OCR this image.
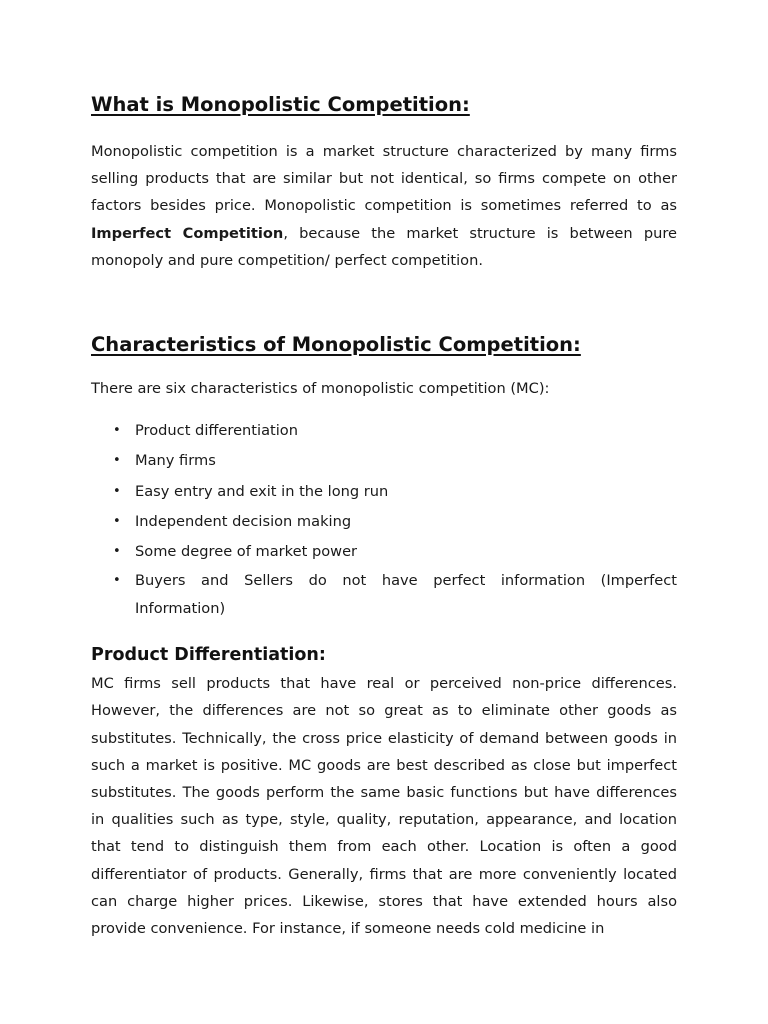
What is Monopolistic Competition:

Monopolistic competition is a market structure characterized by many firms selling products that are similar but not identical, so firms compete on other factors besides price. Monopolistic competition is sometimes referred to as Imperfect Competition, because the market structure is between pure monopoly and pure competition/ perfect competition.

Characteristics of Monopolistic Competition:

There are six characteristics of monopolistic competition (MC):

• Product differentiation
• Many firms
• Easy entry and exit in the long run
• Independent decision making
• Some degree of market power
• Buyers and Sellers do not have perfect information (Imperfect Information)
Product Differentiation:

MC firms sell products that have real or perceived non-price differences. However, the differences are not so great as to eliminate other goods as substitutes. Technically, the cross price elasticity of demand between goods in such a market is positive. MC goods are best described as close but imperfect substitutes. The goods perform the same basic functions but have differences in qualities such as type, style, quality, reputation, appearance, and location that tend to distinguish them from each other. Location is often a good differentiator of products. Generally, firms that are more conveniently located can charge higher prices. Likewise, stores that have extended hours also provide convenience. For instance, if someone needs cold medicine in
